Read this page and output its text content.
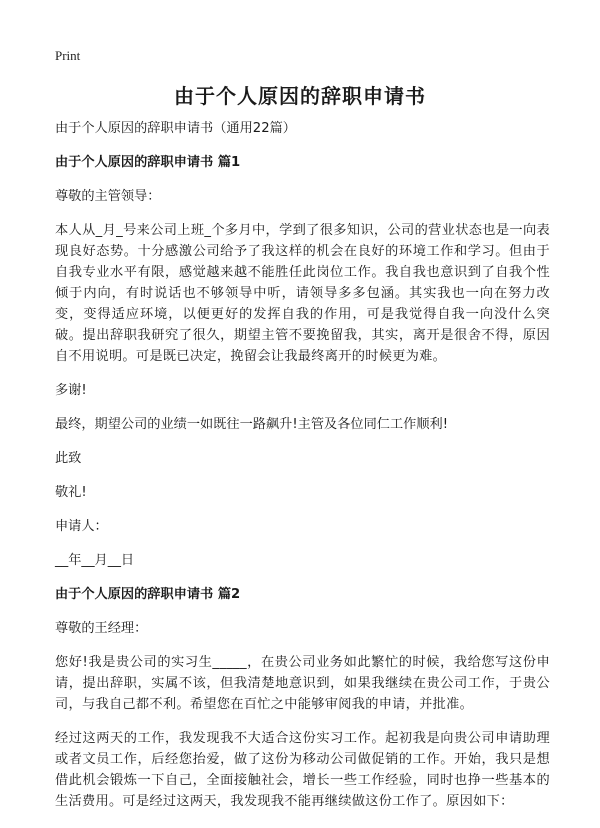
Print
由于个人原因的辞职申请书

由于个人原因的辞职申请书（通用22篇）

由于个人原因的辞职申请书 篇1

尊敬的主管领导：

本人从_月_号来公司上班_个多月中，学到了很多知识，公司的营业状态也是一向表现良好态势。十分感激公司给予了我这样的机会在良好的环境工作和学习。但由于自我专业水平有限，感觉越来越不能胜任此岗位工作。我自我也意识到了自我个性倾于内向，有时说话也不够领导中听，请领导多多包涵。其实我也一向在努力改变，变得适应环境，以便更好的发挥自我的作用，可是我觉得自我一向没什么突破。提出辞职我研究了很久，期望主管不要挽留我，其实，离开是很舍不得，原因自不用说明。可是既已决定，挽留会让我最终离开的时候更为难。

多谢!

最终，期望公司的业绩一如既往一路飙升!主管及各位同仁工作顺利!

此致

敬礼!

申请人：

__年__月__日

由于个人原因的辞职申请书 篇2

尊敬的王经理：

您好!我是贵公司的实习生_____，在贵公司业务如此繁忙的时候，我给您写这份申请，提出辞职，实属不该，但我清楚地意识到，如果我继续在贵公司工作，于贵公司，与我自己都不利。希望您在百忙之中能够审阅我的申请，并批准。

经过这两天的工作，我发现我不大适合这份实习工作。起初我是向贵公司申请助理或者文员工作，后经您抬爱，做了这份为移动公司做促销的工作。开始，我只是想借此机会锻炼一下自己，全面接触社会，增长一些工作经验，同时也挣一些基本的生活费用。可是经过这两天，我发现我不能再继续做这份工作了。原因如下：
